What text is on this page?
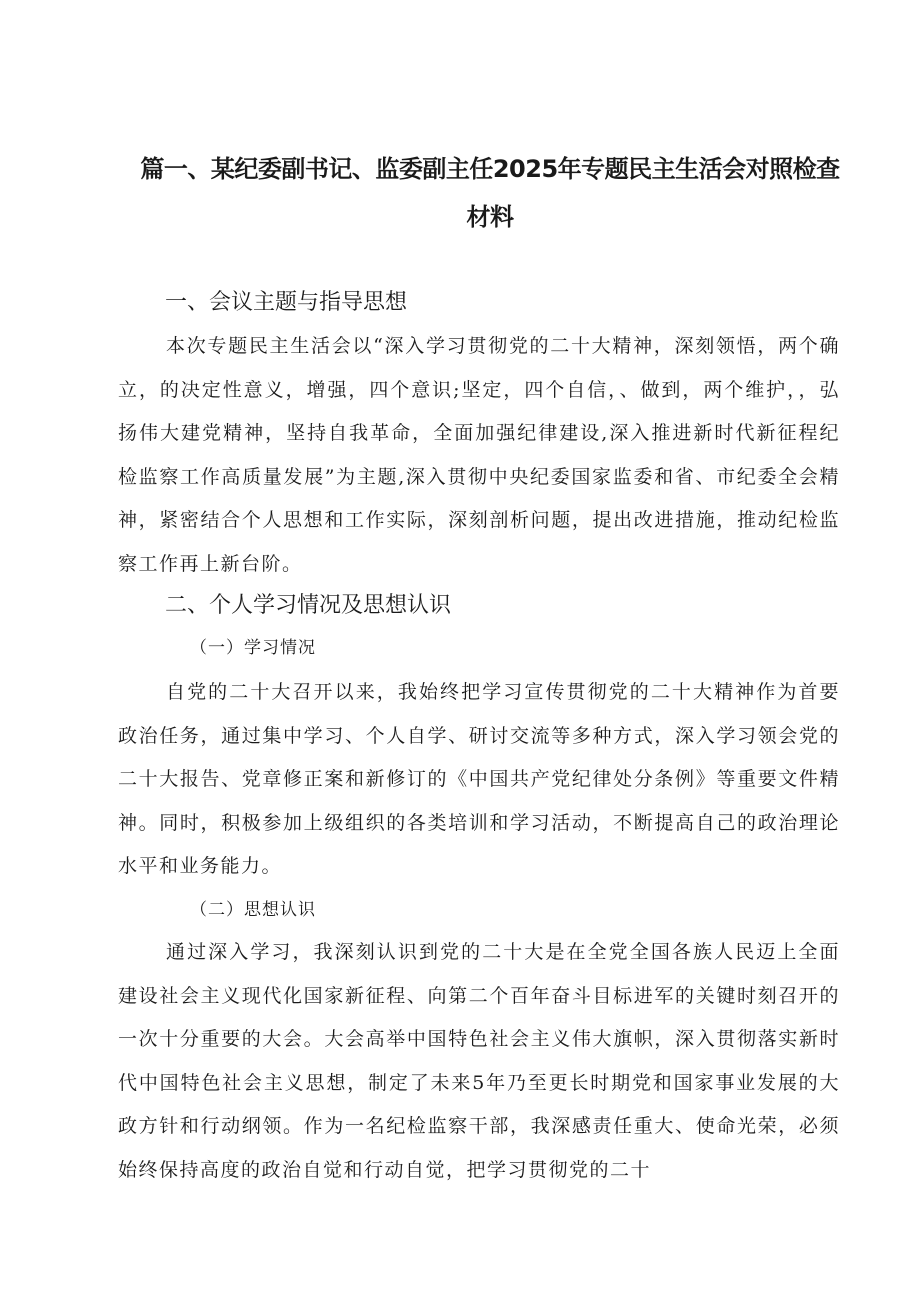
篇一、某纪委副书记、监委副主任2025年专题民主生活会对照检查
材料
一、会议主题与指导思想
本次专题民主生活会以“深入学习贯彻党的二十大精神，深刻领悟，两个确立，的决定性意义，增强，四个意识;坚定，四个自信，、做到，两个维护，，弘扬伟大建党精神，坚持自我革命，全面加强纪律建设,深入推进新时代新征程纪检监察工作高质量发展”为主题,深入贯彻中央纪委国家监委和省、市纪委全会精神，紧密结合个人思想和工作实际，深刻剖析问题，提出改进措施，推动纪检监察工作再上新台阶。
二、个人学习情况及思想认识
（一）学习情况
自党的二十大召开以来，我始终把学习宣传贯彻党的二十大精神作为首要政治任务，通过集中学习、个人自学、研讨交流等多种方式，深入学习领会党的二十大报告、党章修正案和新修订的《中国共产党纪律处分条例》等重要文件精神。同时，积极参加上级组织的各类培训和学习活动，不断提高自己的政治理论水平和业务能力。
（二）思想认识
通过深入学习，我深刻认识到党的二十大是在全党全国各族人民迈上全面建设社会主义现代化国家新征程、向第二个百年奋斗目标进军的关键时刻召开的一次十分重要的大会。大会高举中国特色社会主义伟大旗帜，深入贯彻落实新时代中国特色社会主义思想，制定了未来5年乃至更长时期党和国家事业发展的大政方针和行动纲领。作为一名纪检监察干部，我深感责任重大、使命光荣，必须始终保持高度的政治自觉和行动自觉，把学习贯彻党的二十
